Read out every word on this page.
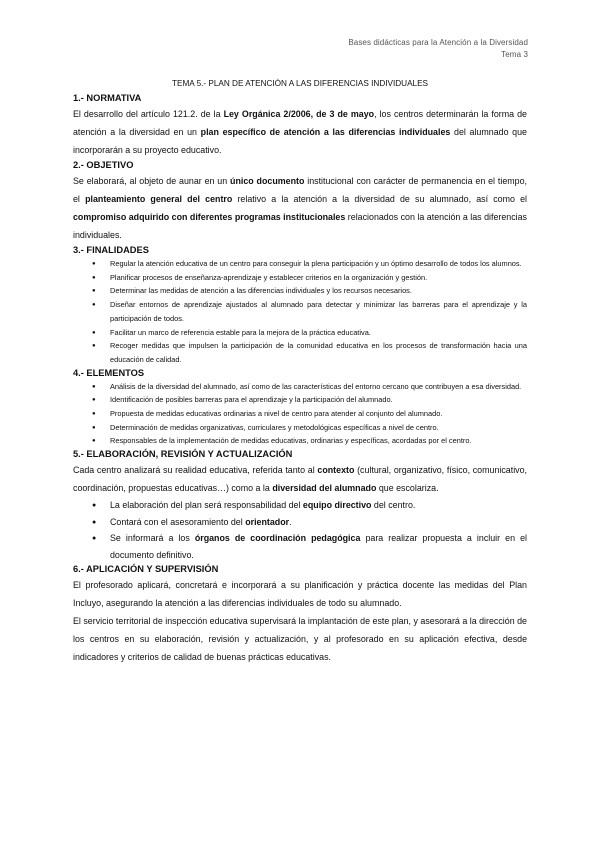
Bases didácticas para la Atención a la Diversidad
Tema 3
TEMA 5.- PLAN DE ATENCIÓN A LAS DIFERENCIAS INDIVIDUALES
1.- NORMATIVA

El desarrollo del artículo 121.2. de la Ley Orgánica 2/2006, de 3 de mayo, los centros determinarán la forma de atención a la diversidad en un plan específico de atención a las diferencias individuales del alumnado que incorporarán a su proyecto educativo.

2.- OBJETIVO

Se elaborará, al objeto de aunar en un único documento institucional con carácter de permanencia en el tiempo, el planteamiento general del centro relativo a la atención a la diversidad de su alumnado, así como el compromiso adquirido con diferentes programas institucionales relacionados con la atención a las diferencias individuales.

3.- FINALIDADES
● Regular la atención educativa de un centro para conseguir la plena participación y un óptimo desarrollo de todos los alumnos.
● Planificar procesos de enseñanza-aprendizaje y establecer criterios en la organización y gestión.
● Determinar las medidas de atención a las diferencias individuales y los recursos necesarios.
● Diseñar entornos de aprendizaje ajustados al alumnado para detectar y minimizar las barreras para el aprendizaje y la participación de todos.
● Facilitar un marco de referencia estable para la mejora de la práctica educativa.
● Recoger medidas que impulsen la participación de la comunidad educativa en los procesos de transformación hacia una educación de calidad.
4.- ELEMENTOS
● Análisis de la diversidad del alumnado, así como de las características del entorno cercano que contribuyen a esa diversidad.
● Identificación de posibles barreras para el aprendizaje y la participación del alumnado.
● Propuesta de medidas educativas ordinarias a nivel de centro para atender al conjunto del alumnado.
● Determinación de medidas organizativas, curriculares y metodológicas específicas a nivel de centro.
● Responsables de la implementación de medidas educativas, ordinarias y específicas, acordadas por el centro.
5.- ELABORACIÓN, REVISIÓN Y ACTUALIZACIÓN

Cada centro analizará su realidad educativa, referida tanto al contexto (cultural, organizativo, físico, comunicativo, coordinación, propuestas educativas…) como a la diversidad del alumnado que escolariza.

● La elaboración del plan será responsabilidad del equipo directivo del centro.
● Contará con el asesoramiento del orientador.
● Se informará a los órganos de coordinación pedagógica para realizar propuesta a incluir en el documento definitivo.
6.- APLICACIÓN Y SUPERVISIÓN

El profesorado aplicará, concretará e incorporará a su planificación y práctica docente las medidas del Plan Incluyo, asegurando la atención a las diferencias individuales de todo su alumnado.

El servicio territorial de inspección educativa supervisará la implantación de este plan, y asesorará a la dirección de los centros en su elaboración, revisión y actualización, y al profesorado en su aplicación efectiva, desde indicadores y criterios de calidad de buenas prácticas educativas.
